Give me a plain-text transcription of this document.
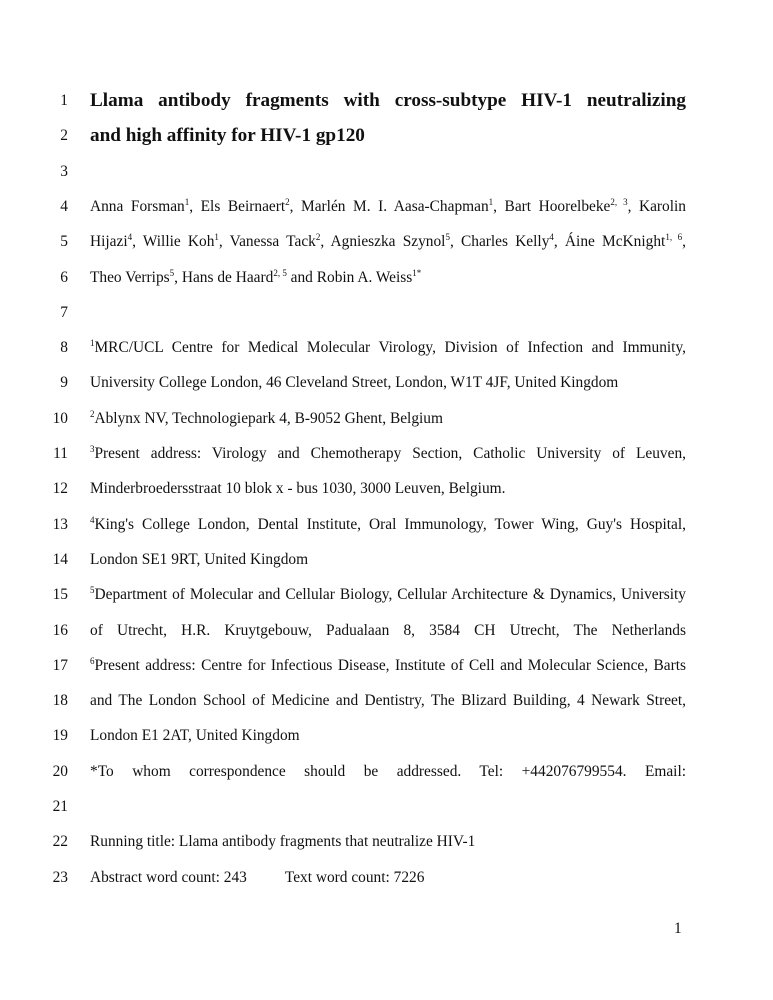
1 Llama antibody fragments with cross-subtype HIV-1 neutralizing
2 and high affinity for HIV-1 gp120
3
4 Anna Forsman$^1$, Els Beirnaert$^2$, Marlén M. I. Aasa-Chapman$^1$, Bart Hoorelbeke$^{2, 3}$, Karolin
5 Hijazi$^4$, Willie Koh$^1$, Vanessa Tack$^2$, Agnieszka Szynol$^5$, Charles Kelly$^4$, Áine McKnight$^{1, 6}$,
6 Theo Verrips$^5$, Hans de Haard$^{2, 5}$ and Robin A. Weiss$^{1*}$
7
8 $^1$MRC/UCL Centre for Medical Molecular Virology, Division of Infection and Immunity,
9 University College London, 46 Cleveland Street, London, W1T 4JF, United Kingdom
10 $^2$Ablynx NV, Technologiepark 4, B-9052 Ghent, Belgium
11 $^3$Present address: Virology and Chemotherapy Section, Catholic University of Leuven,
12 Minderbroedersstraat 10 blok x - bus 1030, 3000 Leuven, Belgium.
13 $^4$King's College London, Dental Institute, Oral Immunology, Tower Wing, Guy's Hospital,
14 London SE1 9RT, United Kingdom
15 $^5$Department of Molecular and Cellular Biology, Cellular Architecture & Dynamics, University
16 of Utrecht, H.R. Kruytgebouw, Padualaan 8, 3584 CH Utrecht, The Netherlands
17 $^6$Present address: Centre for Infectious Disease, Institute of Cell and Molecular Science, Barts
18 and The London School of Medicine and Dentistry, The Blizard Building, 4 Newark Street,
19 London E1 2AT, United Kingdom
20 *To whom correspondence should be addressed. Tel: +442076799554. Email:
21
22 Running title: Llama antibody fragments that neutralize HIV-1
23 Abstract word count: 243 Text word count: 7226
1
